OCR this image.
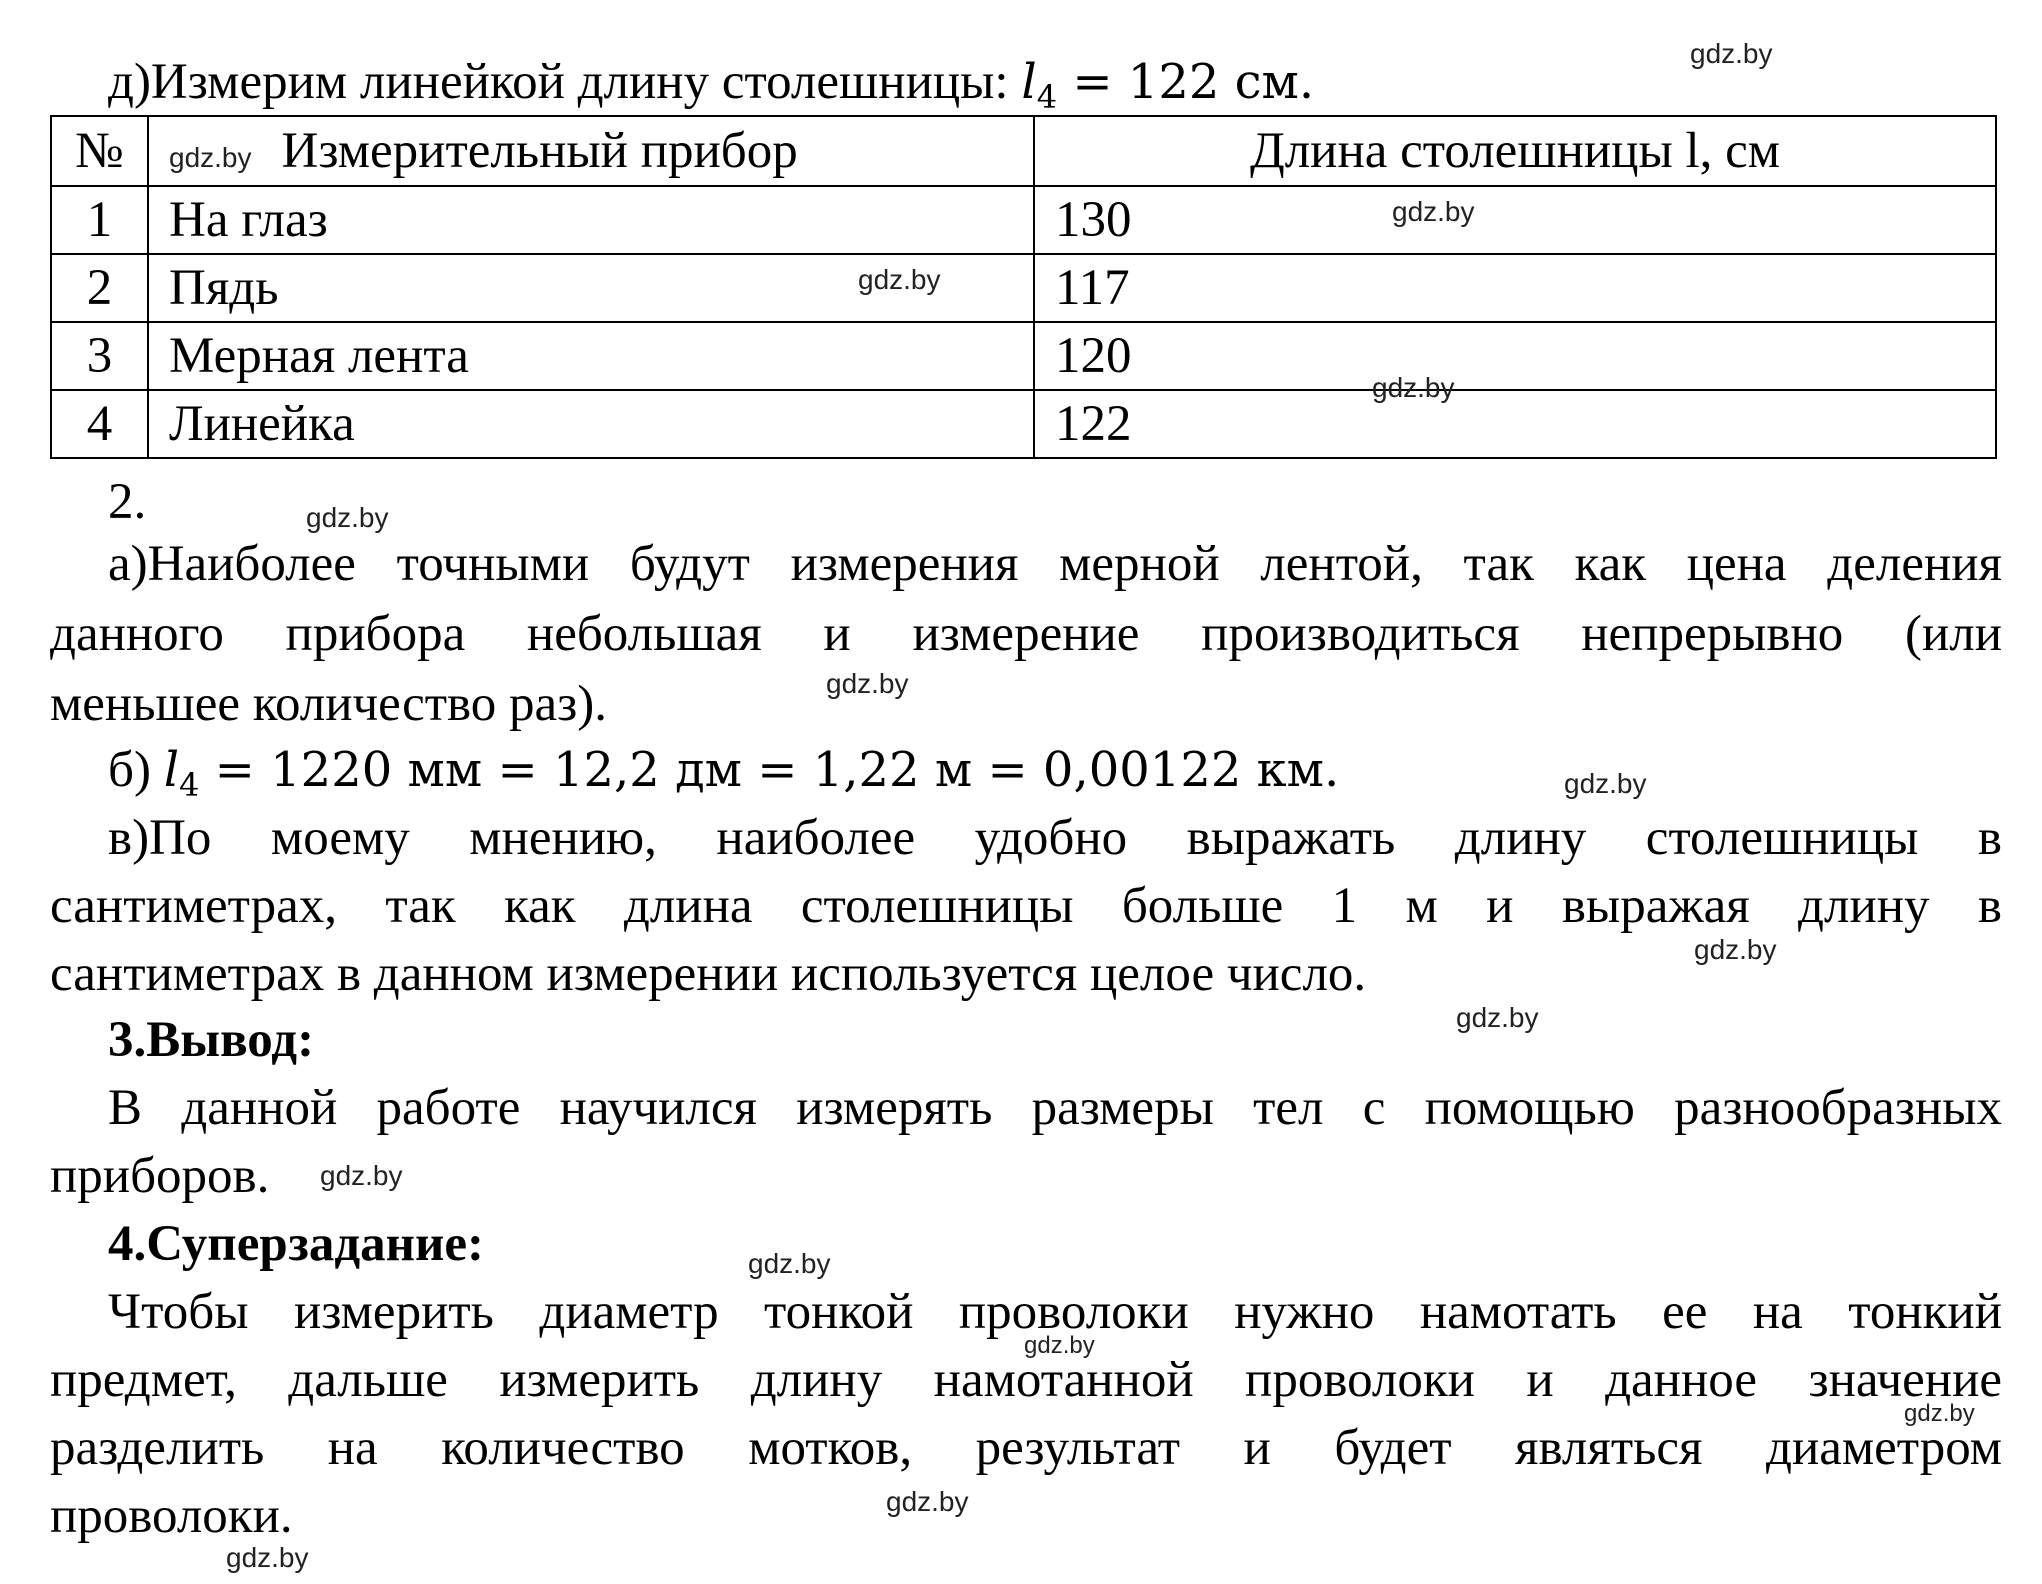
д)Измерим линейкой длину столешницы: $l_4 = 122$ см.
№	gdz.by Измерительный прибор	Длина столешницы l, см
1	На глаз	130
2	Пядь	117
3	Мерная лента	120
4	Линейка	122
2.
а)Наиболее точными будут измерения мерной лентой, так как цена деления
данного прибора небольшая и измерение производиться непрерывно (или
меньшее количество раз).
б) $l_4 = 1220$ мм = 12,2 дм = 1,22 м = 0,00122 км.
в)По моему мнению, наиболее удобно выражать длину столешницы в
сантиметрах, так как длина столешницы больше 1 м и выражая длину в
сантиметрах в данном измерении используется целое число.
3.Вывод:
В данной работе научился измерять размеры тел с помощью разнообразных
приборов.
4.Суперзадание:
Чтобы измерить диаметр тонкой проволоки нужно намотать ее на тонкий
предмет, дальше измерить длину намотанной проволоки и данное значение
разделить на количество мотков, результат и будет являться диаметром
проволоки.
gdz.by
gdz.by
gdz.by
gdz.by
gdz.by
gdz.by
gdz.by
gdz.by
gdz.by
gdz.by
gdz.by
gdz.by
gdz.by
gdz.by
gdz.by
